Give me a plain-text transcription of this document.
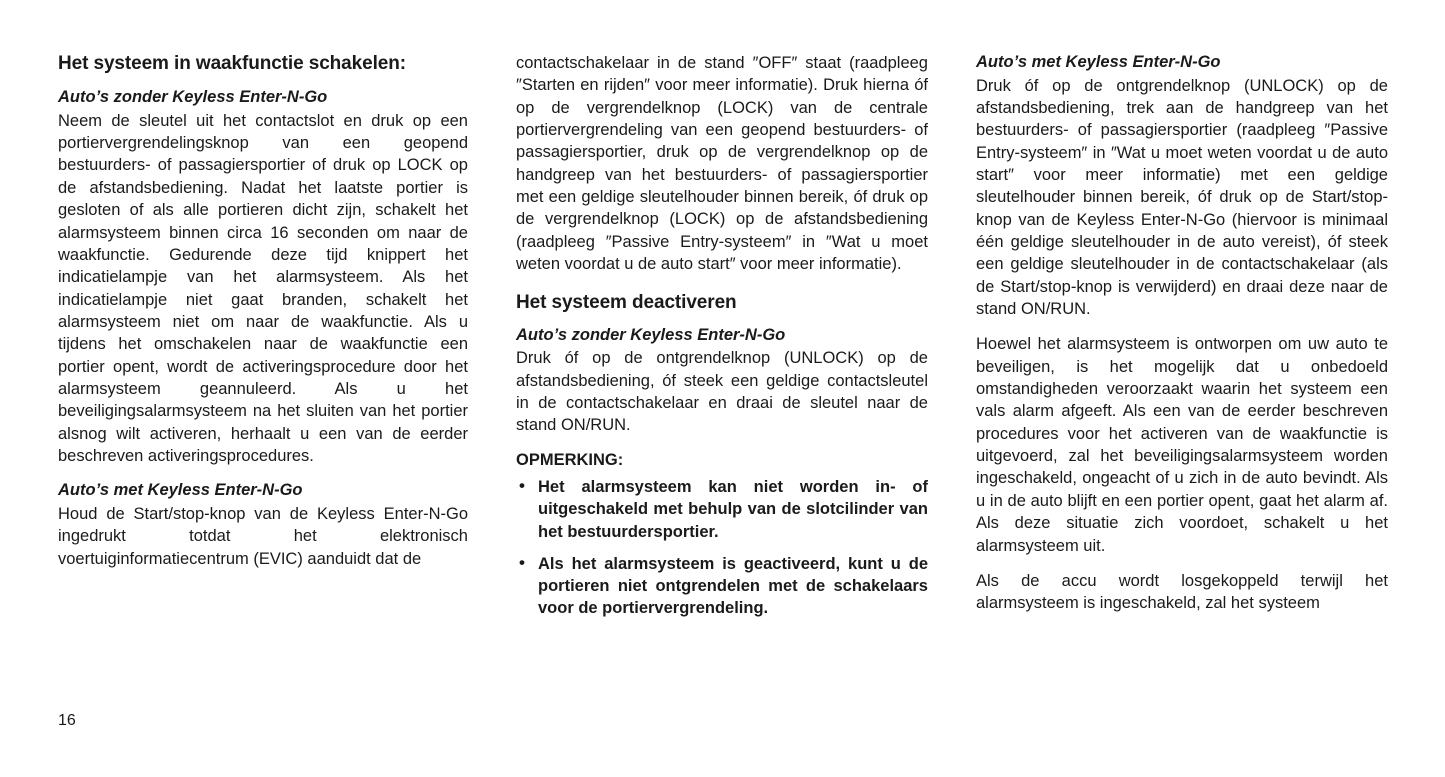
Het systeem in waakfunctie schakelen:
Auto’s zonder Keyless Enter-N-Go

Neem de sleutel uit het contactslot en druk op een portiervergrendelingsknop van een geopend bestuurders- of passagiersportier of druk op LOCK op de afstandsbediening. Nadat het laatste portier is gesloten of als alle portieren dicht zijn, schakelt het alarmsysteem binnen circa 16 seconden om naar de waakfunctie. Gedurende deze tijd knippert het indicatielampje van het alarmsysteem. Als het indicatielampje niet gaat branden, schakelt het alarmsysteem niet om naar de waakfunctie. Als u tijdens het omschakelen naar de waakfunctie een portier opent, wordt de activeringsprocedure door het alarmsysteem geannuleerd. Als u het beveiligingsalarmsysteem na het sluiten van het portier alsnog wilt activeren, herhaalt u een van de eerder beschreven activeringsprocedures.

Auto’s met Keyless Enter-N-Go

Houd de Start/stop-knop van de Keyless Enter-N-Go ingedrukt totdat het elektronisch voertuiginformatiecentrum (EVIC) aanduidt dat de

contactschakelaar in de stand ″OFF″ staat (raadpleeg ″Starten en rijden″ voor meer informatie). Druk hierna óf op de vergrendelknop (LOCK) van de centrale portiervergrendeling van een geopend bestuurders- of passagiersportier, druk op de vergrendelknop op de handgreep van het bestuurders- of passagiersportier met een geldige sleutelhouder binnen bereik, óf druk op de vergrendelknop (LOCK) op de afstandsbediening (raadpleeg ″Passive Entry-systeem″ in ″Wat u moet weten voordat u de auto start″ voor meer informatie).

Het systeem deactiveren
Auto’s zonder Keyless Enter-N-Go

Druk óf op de ontgrendelknop (UNLOCK) op de afstandsbediening, óf steek een geldige contactsleutel in de contactschakelaar en draai de sleutel naar de stand ON/RUN.

OPMERKING:
• Het alarmsysteem kan niet worden in- of uitgeschakeld met behulp van de slotcilinder van het bestuurdersportier.
• Als het alarmsysteem is geactiveerd, kunt u de portieren niet ontgrendelen met de schakelaars voor de portiervergrendeling.
Auto’s met Keyless Enter-N-Go

Druk óf op de ontgrendelknop (UNLOCK) op de afstandsbediening, trek aan de handgreep van het bestuurders- of passagiersportier (raadpleeg ″Passive Entry-systeem″ in ″Wat u moet weten voordat u de auto start″ voor meer informatie) met een geldige sleutelhouder binnen bereik, óf druk op de Start/stop-knop van de Keyless Enter-N-Go (hiervoor is minimaal één geldige sleutelhouder in de auto vereist), óf steek een geldige sleutelhouder in de contactschakelaar (als de Start/stop-knop is verwijderd) en draai deze naar de stand ON/RUN.

Hoewel het alarmsysteem is ontworpen om uw auto te beveiligen, is het mogelijk dat u onbedoeld omstandigheden veroorzaakt waarin het systeem een vals alarm afgeeft. Als een van de eerder beschreven procedures voor het activeren van de waakfunctie is uitgevoerd, zal het beveiligingsalarmsysteem worden ingeschakeld, ongeacht of u zich in de auto bevindt. Als u in de auto blijft en een portier opent, gaat het alarm af. Als deze situatie zich voordoet, schakelt u het alarmsysteem uit.

Als de accu wordt losgekoppeld terwijl het alarmsysteem is ingeschakeld, zal het systeem

16
